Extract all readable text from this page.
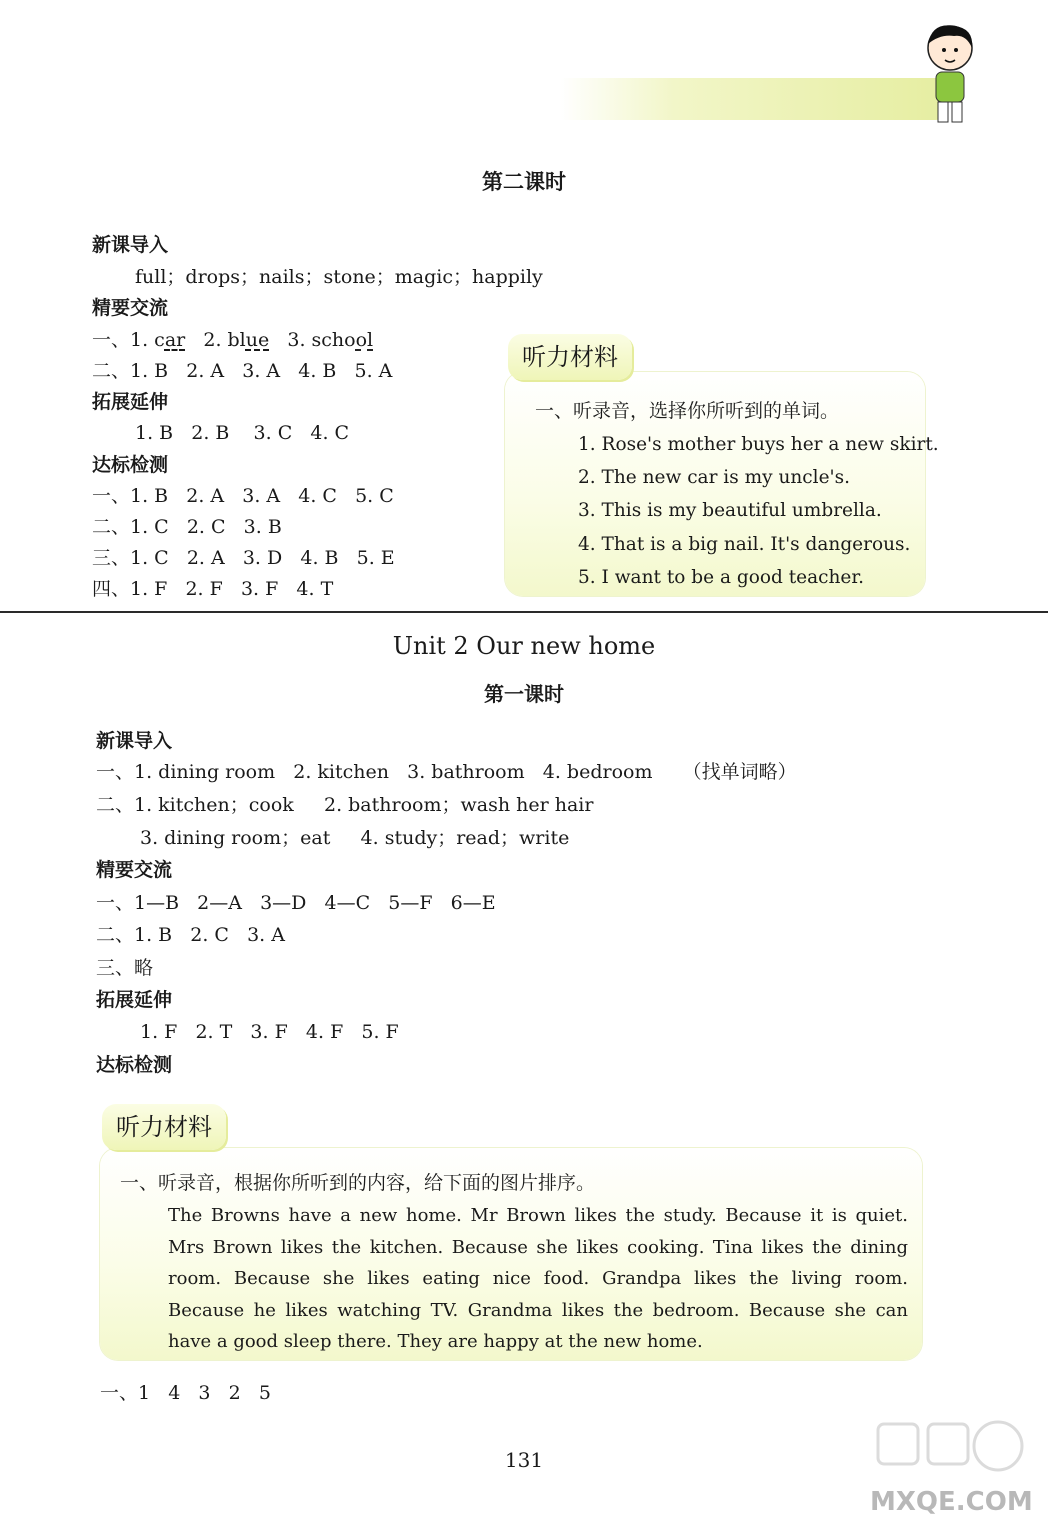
第二课时
新课导入
full；drops；nails；stone；magic；happily
精要交流
一、1. car   2. blue   3. school
二、1. B   2. A   3. A   4. B   5. A
拓展延伸
1. B   2. B    3. C   4. C
达标检测
一、1. B   2. A   3. A   4. C   5. C
二、1. C   2. C   3. B
三、1. C   2. A   3. D   4. B   5. E
四、1. F   2. F   3. F   4. T
听力材料
一、听录音，选择你所听到的单词。
1. Rose's mother buys her a new skirt.
2. The new car is my uncle's.
3. This is my beautiful umbrella.
4. That is a big nail. It's dangerous.
5. I want to be a good teacher.
Unit 2 Our new home
第一课时
新课导入
一、1. dining room   2. kitchen   3. bathroom   4. bedroom     （找单词略）
二、1. kitchen；cook     2. bathroom；wash her hair
3. dining room；eat     4. study；read；write
精要交流
一、1—B   2—A   3—D   4—C   5—F   6—E
二、1. B   2. C   3. A
三、略
拓展延伸
1. F   2. T   3. F   4. F   5. F
达标检测
听力材料
一、听录音，根据你所听到的内容，给下面的图片排序。
The Browns have a new home. Mr Brown likes the study. Because it is quiet. Mrs Brown likes the kitchen. Because she likes cooking. Tina likes the dining room. Because she likes eating nice food. Grandpa likes the living room. Because he likes watching TV. Grandma likes the bedroom. Because she can have a good sleep there. They are happy at the new home.
一、1   4   3   2   5
131
MXQE.COM
